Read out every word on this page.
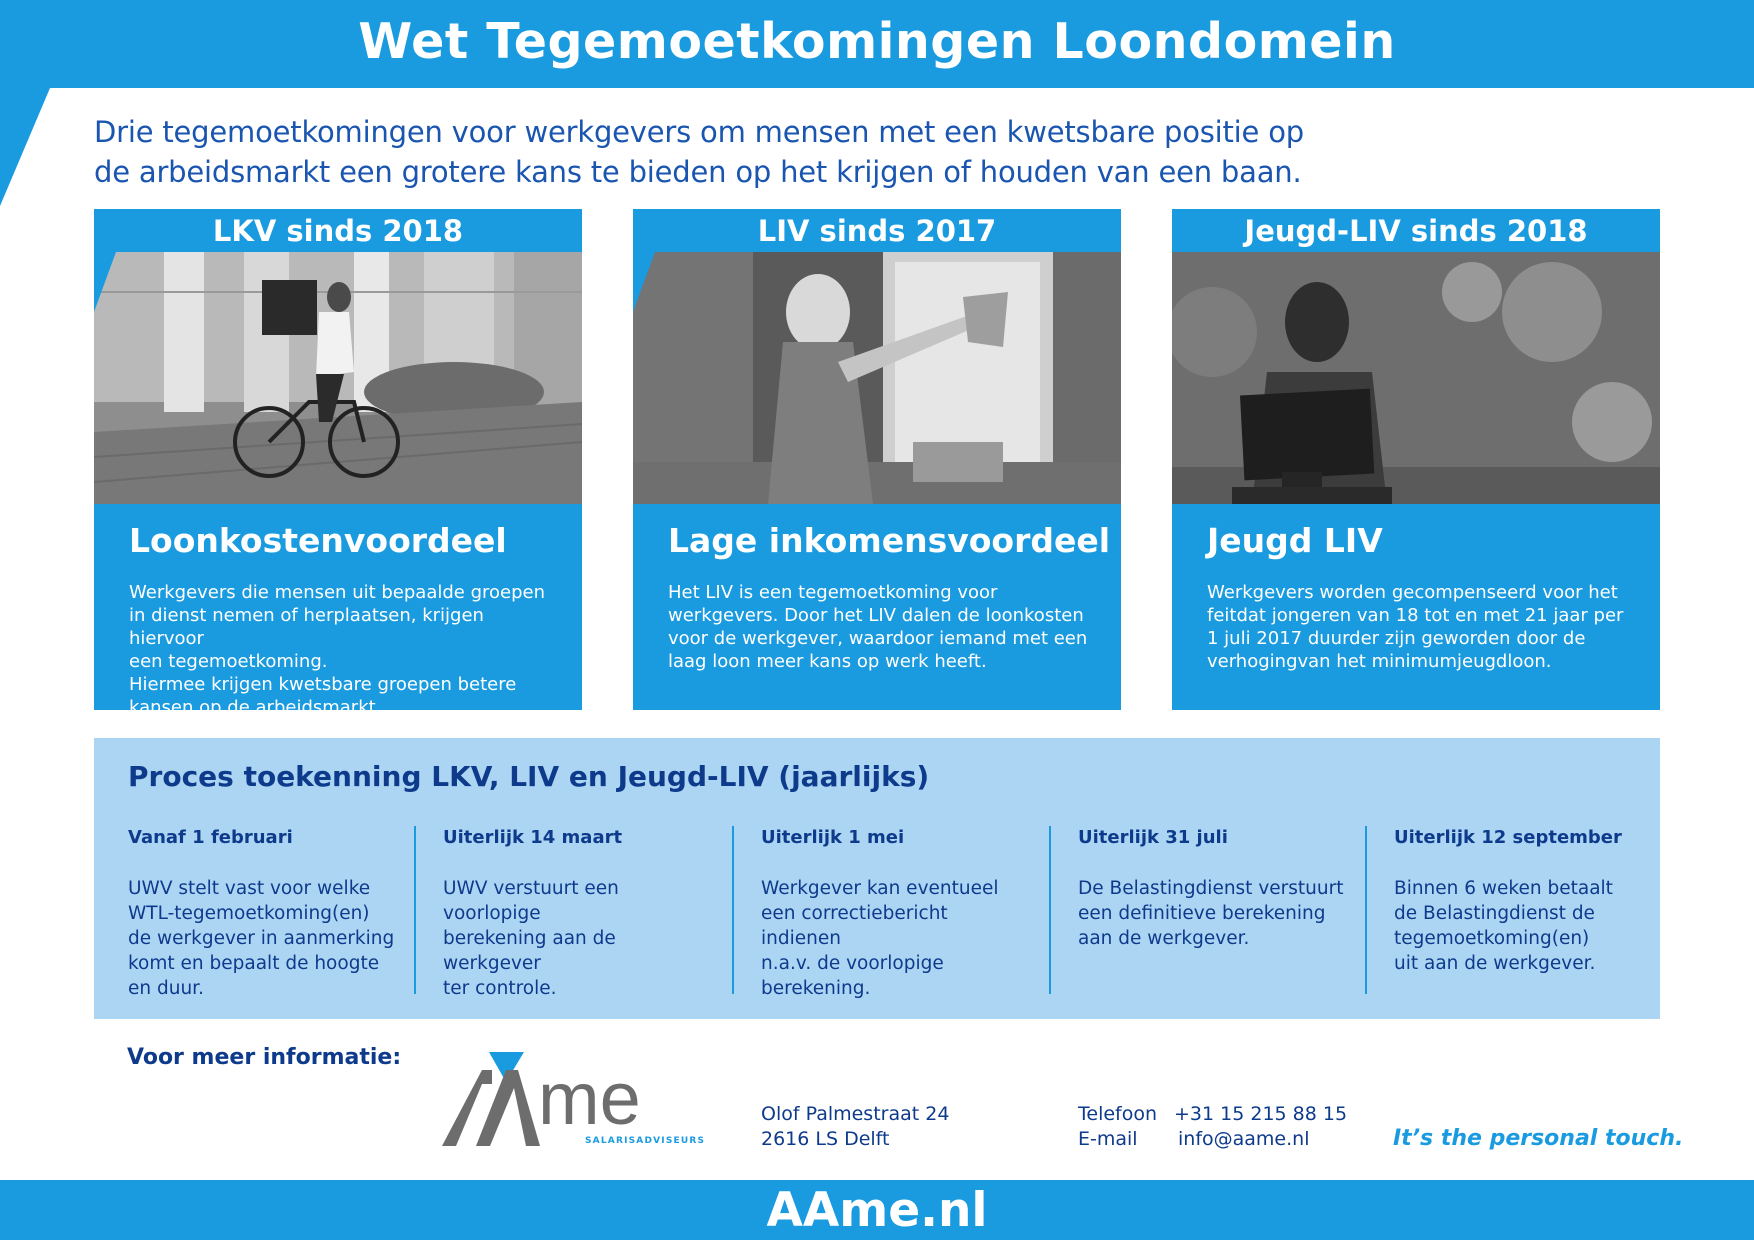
Wet Tegemoetkomingen Loondomein
Drie tegemoetkomingen voor werkgevers om mensen met een kwetsbare positie op
de arbeidsmarkt een grotere kans te bieden op het krijgen of houden van een baan.
LKV sinds 2018
Loonkostenvoordeel

Werkgevers die mensen uit bepaalde groepen
in dienst nemen of herplaatsen, krijgen hiervoor
een tegemoetkoming.
Hiermee krijgen kwetsbare groepen betere
kansen op de arbeidsmarkt.

LIV sinds 2017
Lage inkomensvoordeel

Het LIV is een tegemoetkoming voor
werkgevers. Door het LIV dalen de loonkosten
voor de werkgever, waardoor iemand met een
laag loon meer kans op werk heeft.

Jeugd-LIV sinds 2018
Jeugd LIV

Werkgevers worden gecompenseerd voor het
feitdat jongeren van 18 tot en met 21 jaar per
1 juli 2017 duurder zijn geworden door de
verhogingvan het minimumjeugdloon.

Proces toekenning LKV, LIV en Jeugd-LIV (jaarlijks)
Vanaf 1 februari
UWV stelt vast voor welke
WTL-tegemoetkoming(en)
de werkgever in aanmerking
komt en bepaalt de hoogte
en duur.
Uiterlijk 14 maart
UWV verstuurt een voorlopige
berekening aan de werkgever
ter controle.
Uiterlijk 1 mei
Werkgever kan eventueel
een correctiebericht indienen
n.a.v. de voorlopige
berekening.
Uiterlijk 31 juli
De Belastingdienst verstuurt
een definitieve berekening
aan de werkgever.
Uiterlijk 12 september
Binnen 6 weken betaalt
de Belastingdienst de
tegemoetkoming(en)
uit aan de werkgever.
Voor meer informatie: me
SALARISADVISEURS
Olof Palmestraat 24
2616 LS Delft
Telefoon +31 15 215 88 15
E-mail	info@aame.nl	It’s the personal touch.
AAme.nl
